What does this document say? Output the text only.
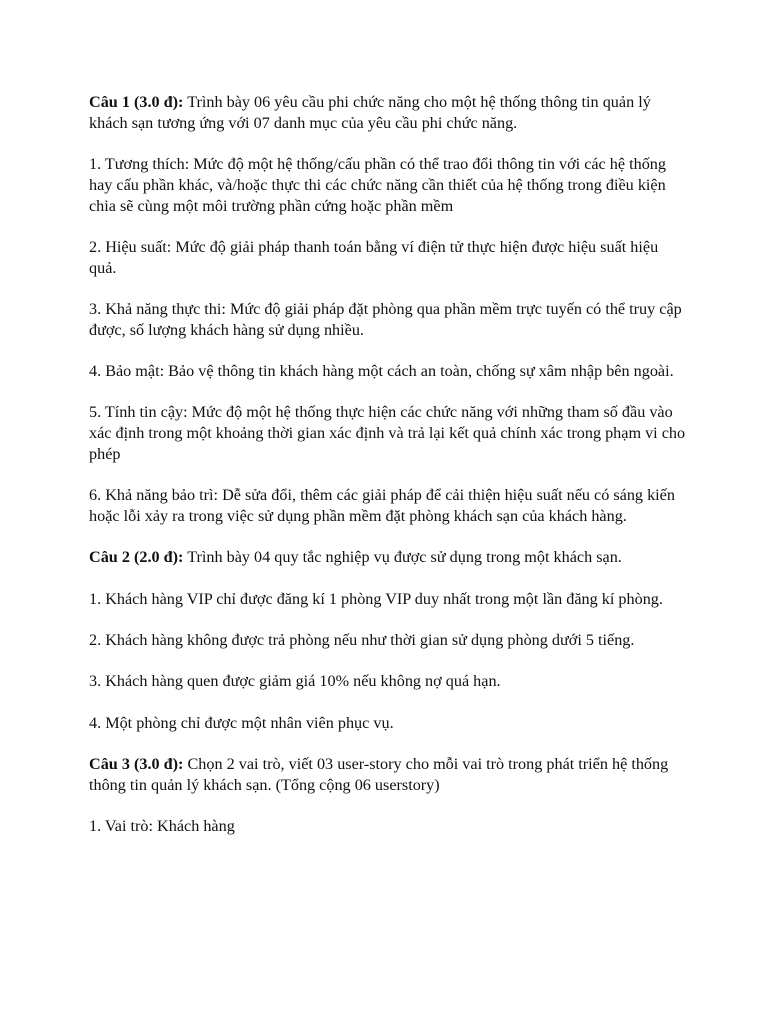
Câu 1 (3.0 đ): Trình bày 06 yêu cầu phi chức năng cho một hệ thống thông tin quản lý khách sạn tương ứng với 07 danh mục của yêu cầu phi chức năng.

1. Tương thích: Mức độ một hệ thống/cấu phần có thể trao đổi thông tin với các hệ thống hay cấu phần khác, và/hoặc thực thi các chức năng cần thiết của hệ thống trong điều kiện chia sẽ cùng một môi trường phần cứng hoặc phần mềm

2. Hiệu suất: Mức độ giải pháp thanh toán bằng ví điện tử thực hiện được hiệu suất hiệu quả.

3. Khả năng thực thi: Mức độ giải pháp đặt phòng qua phần mềm trực tuyến có thể truy cập được, số lượng khách hàng sử dụng nhiều.

4. Bảo mật: Bảo vệ thông tin khách hàng một cách an toàn, chống sự xâm nhập bên ngoài.

5. Tính tin cậy: Mức độ một hệ thống thực hiện các chức năng với những tham số đầu vào xác định trong một khoảng thời gian xác định và trả lại kết quả chính xác trong phạm vi cho phép

6. Khả năng bảo trì: Dễ sửa đổi, thêm các giải pháp để cải thiện hiệu suất nếu có sáng kiến hoặc lỗi xảy ra trong việc sử dụng phần mềm đặt phòng khách sạn của khách hàng.

Câu 2 (2.0 đ): Trình bày 04 quy tắc nghiệp vụ được sử dụng trong một khách sạn.

1. Khách hàng VIP chỉ được đăng kí 1 phòng VIP duy nhất trong một lần đăng kí phòng.

2. Khách hàng không được trả phòng nếu như thời gian sử dụng phòng dưới 5 tiếng.

3. Khách hàng quen được giảm giá 10% nếu không nợ quá hạn.

4. Một phòng chỉ được một nhân viên phục vụ.

Câu 3 (3.0 đ): Chọn 2 vai trò, viết 03 user-story cho mỗi vai trò trong phát triển hệ thống thông tin quản lý khách sạn. (Tổng cộng 06 userstory)

1. Vai trò: Khách hàng
